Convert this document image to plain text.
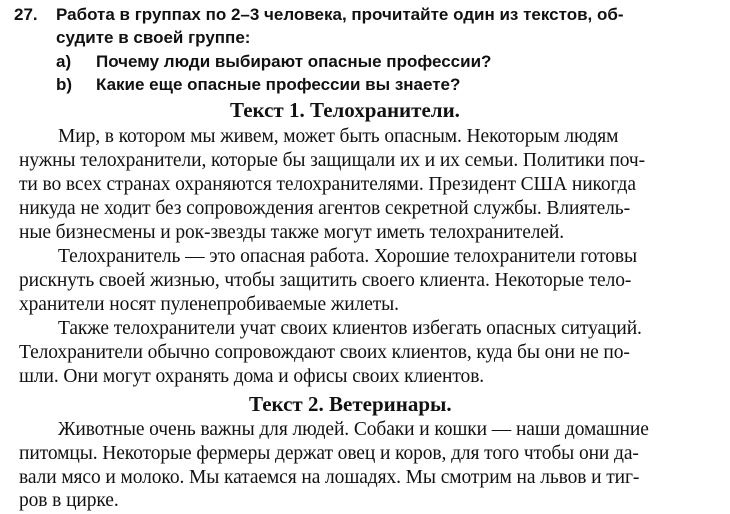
27. Работа в группах по 2–3 человека, прочитайте один из текстов, об-
судите в своей группе:
a) Почему люди выбирают опасные профессии?
b) Какие еще опасные профессии вы знаете?
Текст 1. Телохранители.
Мир, в котором мы живем, может быть опасным. Некоторым людям
нужны телохранители, которые бы защищали их и их семьи. Политики поч-
ти во всех странах охраняются телохранителями. Президент США никогда
никуда не ходит без сопровождения агентов секретной службы. Влиятель-
ные бизнесмены и рок-звезды также могут иметь телохранителей.
Телохранитель — это опасная работа. Хорошие телохранители готовы
рискнуть своей жизнью, чтобы защитить своего клиента. Некоторые тело-
хранители носят пуленепробиваемые жилеты.
Также телохранители учат своих клиентов избегать опасных ситуаций.
Телохранители обычно сопровождают своих клиентов, куда бы они не по-
шли. Они могут охранять дома и офисы своих клиентов.
Текст 2. Ветеринары.
Животные очень важны для людей. Собаки и кошки — наши домашние
питомцы. Некоторые фермеры держат овец и коров, для того чтобы они да-
вали мясо и молоко. Мы катаемся на лошадях. Мы смотрим на львов и тиг-
ров в цирке.
